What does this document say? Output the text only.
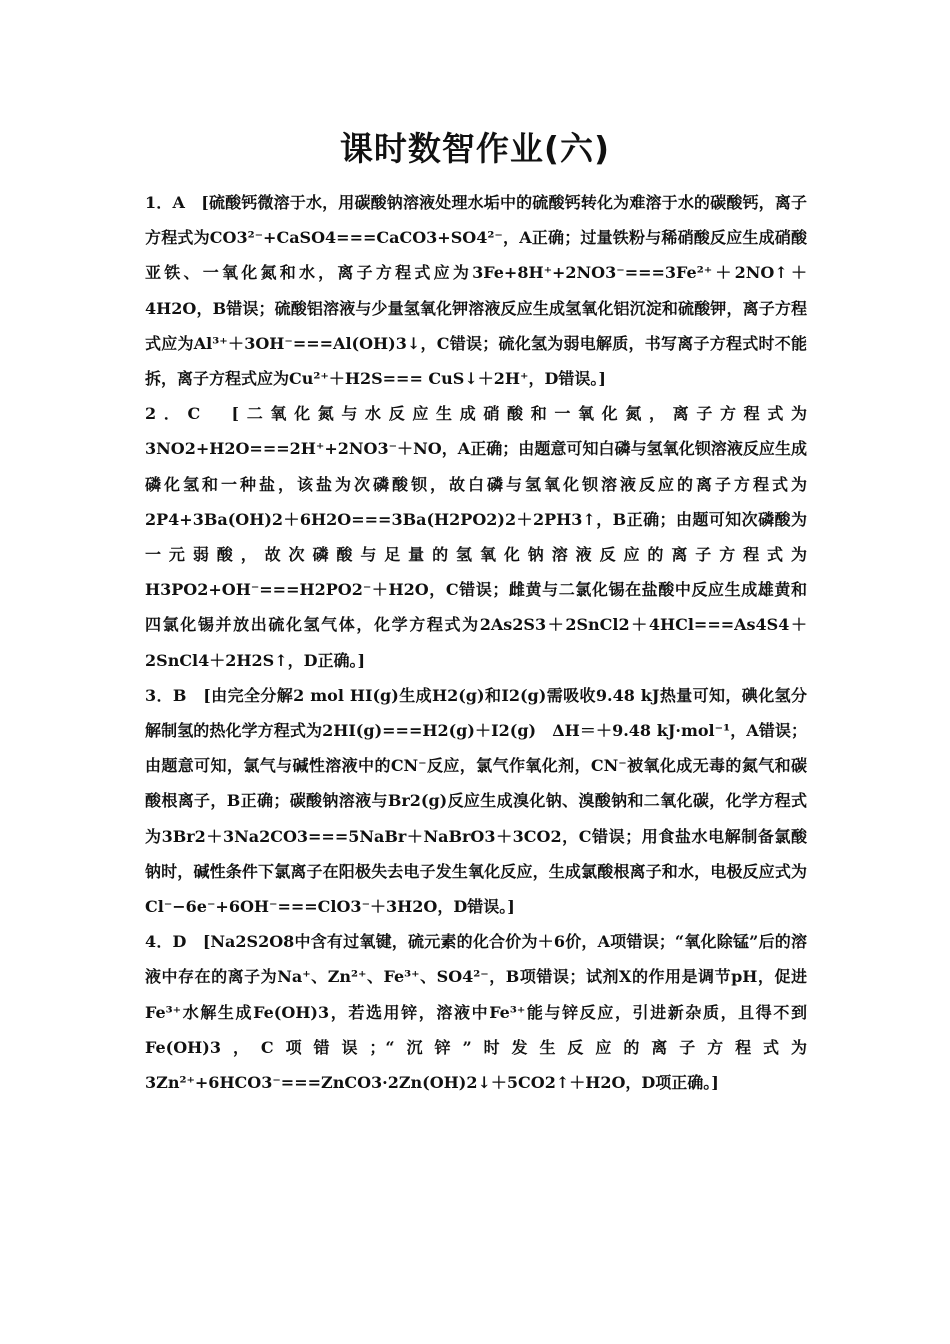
课时数智作业(六)

1．A　[硫酸钙微溶于水，用碳酸钠溶液处理水垢中的硫酸钙转化为难溶于水的碳酸钙，离子方程式为CO3²⁻+CaSO4===CaCO3+SO4²⁻，A正确；过量铁粉与稀硝酸反应生成硝酸亚铁、一氧化氮和水，离子方程式应为3Fe+8H⁺+2NO3⁻===3Fe²⁺＋2NO↑＋4H2O，B错误；硫酸铝溶液与少量氢氧化钾溶液反应生成氢氧化铝沉淀和硫酸钾，离子方程式应为Al³⁺＋3OH⁻===Al(OH)3↓，C错误；硫化氢为弱电解质，书写离子方程式时不能拆，离子方程式应为Cu²⁺＋H2S=== CuS↓＋2H⁺，D错误。]

2．C　[二氧化氮与水反应生成硝酸和一氧化氮，离子方程式为3NO2+H2O===2H⁺+2NO3⁻＋NO，A正确；由题意可知白磷与氢氧化钡溶液反应生成磷化氢和一种盐，该盐为次磷酸钡，故白磷与氢氧化钡溶液反应的离子方程式为2P4+3Ba(OH)2＋6H2O===3Ba(H2PO2)2＋2PH3↑，B正确；由题可知次磷酸为一元弱酸，故次磷酸与足量的氢氧化钠溶液反应的离子方程式为H3PO2+OH⁻===H2PO2⁻＋H2O，C错误；雌黄与二氯化锡在盐酸中反应生成雄黄和四氯化锡并放出硫化氢气体，化学方程式为2As2S3＋2SnCl2＋4HCl===As4S4＋2SnCl4＋2H2S↑，D正确。]

3．B　[由完全分解2 mol HI(g)生成H2(g)和I2(g)需吸收9.48 kJ热量可知，碘化氢分解制氢的热化学方程式为2HI(g)===H2(g)＋I2(g)　ΔH＝＋9.48 kJ·mol⁻¹，A错误；由题意可知，氯气与碱性溶液中的CN⁻反应，氯气作氧化剂，CN⁻被氧化成无毒的氮气和碳酸根离子，B正确；碳酸钠溶液与Br2(g)反应生成溴化钠、溴酸钠和二氧化碳，化学方程式为3Br2＋3Na2CO3===5NaBr＋NaBrO3＋3CO2，C错误；用食盐水电解制备氯酸钠时，碱性条件下氯离子在阳极失去电子发生氧化反应，生成氯酸根离子和水，电极反应式为Cl⁻−6e⁻+6OH⁻===ClO3⁻＋3H2O，D错误。]

4．D　[Na2S2O8中含有过氧键，硫元素的化合价为＋6价，A项错误；“氧化除锰”后的溶液中存在的离子为Na⁺、Zn²⁺、Fe³⁺、SO4²⁻，B项错误；试剂X的作用是调节pH，促进Fe³⁺水解生成Fe(OH)3，若选用锌，溶液中Fe³⁺能与锌反应，引进新杂质，且得不到Fe(OH)3，C项错误；“沉锌”时发生反应的离子方程式为3Zn²⁺+6HCO3⁻===ZnCO3·2Zn(OH)2↓＋5CO2↑＋H2O，D项正确。]
